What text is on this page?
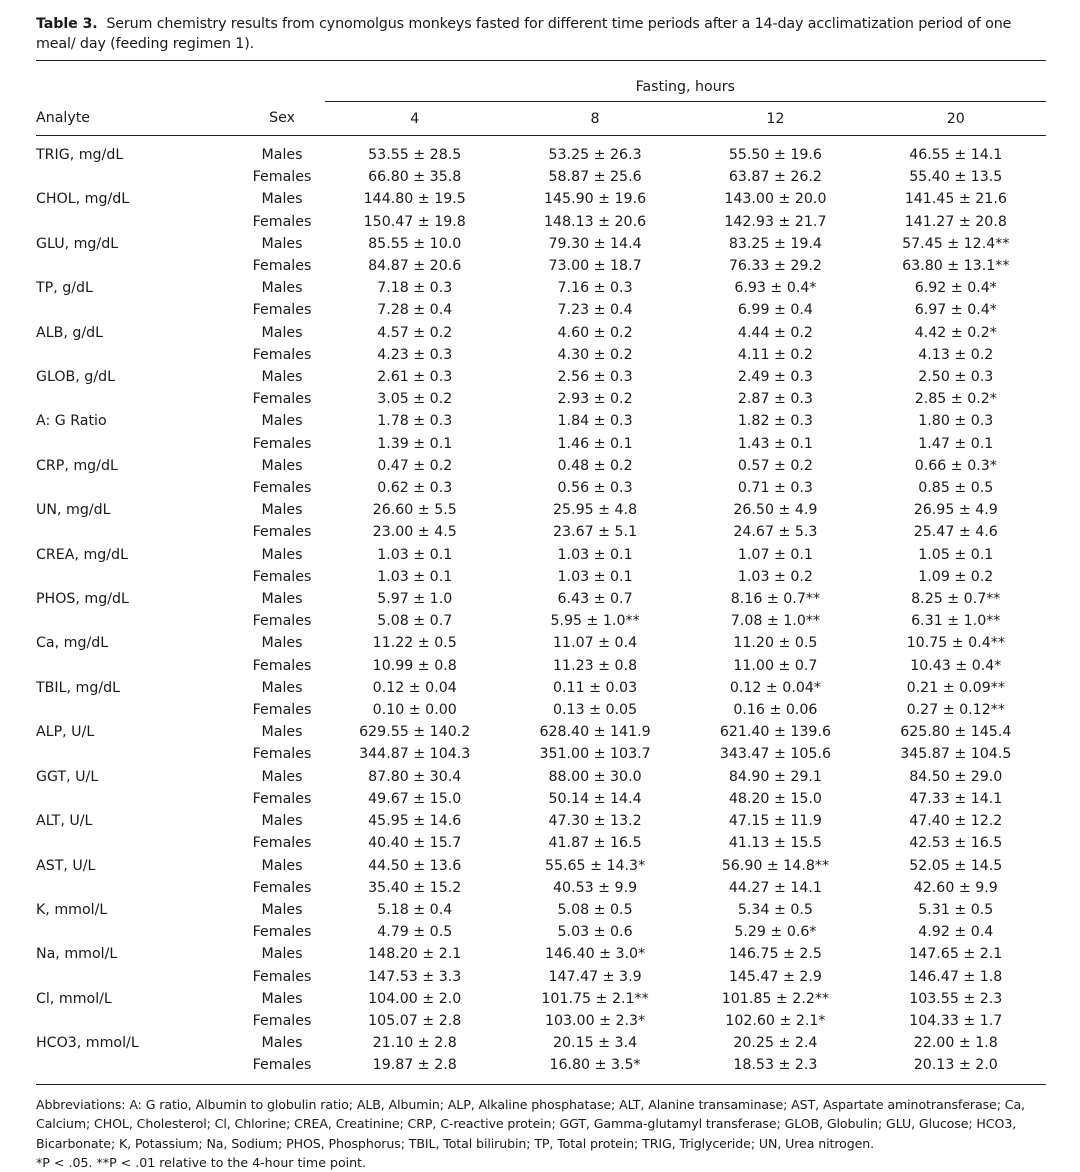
Table 3. Serum chemistry results from cynomolgus monkeys fasted for different time periods after a 14-day acclimatization period of one meal/ day (feeding regimen 1).

		Fasting, hours			
Analyte	Sex	4	8	12	20
TRIG, mg/dL	Males	53.55 ± 28.5	53.25 ± 26.3	55.50 ± 19.6	46.55 ± 14.1
	Females	66.80 ± 35.8	58.87 ± 25.6	63.87 ± 26.2	55.40 ± 13.5
CHOL, mg/dL	Males	144.80 ± 19.5	145.90 ± 19.6	143.00 ± 20.0	141.45 ± 21.6
	Females	150.47 ± 19.8	148.13 ± 20.6	142.93 ± 21.7	141.27 ± 20.8
GLU, mg/dL	Males	85.55 ± 10.0	79.30 ± 14.4	83.25 ± 19.4	57.45 ± 12.4**
	Females	84.87 ± 20.6	73.00 ± 18.7	76.33 ± 29.2	63.80 ± 13.1**
TP, g/dL	Males	7.18 ± 0.3	7.16 ± 0.3	6.93 ± 0.4*	6.92 ± 0.4*
	Females	7.28 ± 0.4	7.23 ± 0.4	6.99 ± 0.4	6.97 ± 0.4*
ALB, g/dL	Males	4.57 ± 0.2	4.60 ± 0.2	4.44 ± 0.2	4.42 ± 0.2*
	Females	4.23 ± 0.3	4.30 ± 0.2	4.11 ± 0.2	4.13 ± 0.2
GLOB, g/dL	Males	2.61 ± 0.3	2.56 ± 0.3	2.49 ± 0.3	2.50 ± 0.3
	Females	3.05 ± 0.2	2.93 ± 0.2	2.87 ± 0.3	2.85 ± 0.2*
A: G Ratio	Males	1.78 ± 0.3	1.84 ± 0.3	1.82 ± 0.3	1.80 ± 0.3
	Females	1.39 ± 0.1	1.46 ± 0.1	1.43 ± 0.1	1.47 ± 0.1
CRP, mg/dL	Males	0.47 ± 0.2	0.48 ± 0.2	0.57 ± 0.2	0.66 ± 0.3*
	Females	0.62 ± 0.3	0.56 ± 0.3	0.71 ± 0.3	0.85 ± 0.5
UN, mg/dL	Males	26.60 ± 5.5	25.95 ± 4.8	26.50 ± 4.9	26.95 ± 4.9
	Females	23.00 ± 4.5	23.67 ± 5.1	24.67 ± 5.3	25.47 ± 4.6
CREA, mg/dL	Males	1.03 ± 0.1	1.03 ± 0.1	1.07 ± 0.1	1.05 ± 0.1
	Females	1.03 ± 0.1	1.03 ± 0.1	1.03 ± 0.2	1.09 ± 0.2
PHOS, mg/dL	Males	5.97 ± 1.0	6.43 ± 0.7	8.16 ± 0.7**	8.25 ± 0.7**
	Females	5.08 ± 0.7	5.95 ± 1.0**	7.08 ± 1.0**	6.31 ± 1.0**
Ca, mg/dL	Males	11.22 ± 0.5	11.07 ± 0.4	11.20 ± 0.5	10.75 ± 0.4**
	Females	10.99 ± 0.8	11.23 ± 0.8	11.00 ± 0.7	10.43 ± 0.4*
TBIL, mg/dL	Males	0.12 ± 0.04	0.11 ± 0.03	0.12 ± 0.04*	0.21 ± 0.09**
	Females	0.10 ± 0.00	0.13 ± 0.05	0.16 ± 0.06	0.27 ± 0.12**
ALP, U/L	Males	629.55 ± 140.2	628.40 ± 141.9	621.40 ± 139.6	625.80 ± 145.4
	Females	344.87 ± 104.3	351.00 ± 103.7	343.47 ± 105.6	345.87 ± 104.5
GGT, U/L	Males	87.80 ± 30.4	88.00 ± 30.0	84.90 ± 29.1	84.50 ± 29.0
	Females	49.67 ± 15.0	50.14 ± 14.4	48.20 ± 15.0	47.33 ± 14.1
ALT, U/L	Males	45.95 ± 14.6	47.30 ± 13.2	47.15 ± 11.9	47.40 ± 12.2
	Females	40.40 ± 15.7	41.87 ± 16.5	41.13 ± 15.5	42.53 ± 16.5
AST, U/L	Males	44.50 ± 13.6	55.65 ± 14.3*	56.90 ± 14.8**	52.05 ± 14.5
	Females	35.40 ± 15.2	40.53 ± 9.9	44.27 ± 14.1	42.60 ± 9.9
K, mmol/L	Males	5.18 ± 0.4	5.08 ± 0.5	5.34 ± 0.5	5.31 ± 0.5
	Females	4.79 ± 0.5	5.03 ± 0.6	5.29 ± 0.6*	4.92 ± 0.4
Na, mmol/L	Males	148.20 ± 2.1	146.40 ± 3.0*	146.75 ± 2.5	147.65 ± 2.1
	Females	147.53 ± 3.3	147.47 ± 3.9	145.47 ± 2.9	146.47 ± 1.8
Cl, mmol/L	Males	104.00 ± 2.0	101.75 ± 2.1**	101.85 ± 2.2**	103.55 ± 2.3
	Females	105.07 ± 2.8	103.00 ± 2.3*	102.60 ± 2.1*	104.33 ± 1.7
HCO3, mmol/L	Males	21.10 ± 2.8	20.15 ± 3.4	20.25 ± 2.4	22.00 ± 1.8
	Females	19.87 ± 2.8	16.80 ± 3.5*	18.53 ± 2.3	20.13 ± 2.0

Abbreviations: A: G ratio, Albumin to globulin ratio; ALB, Albumin; ALP, Alkaline phosphatase; ALT, Alanine transaminase; AST, Aspartate aminotransferase; Ca, Calcium; CHOL, Cholesterol; Cl, Chlorine; CREA, Creatinine; CRP, C-reactive protein; GGT, Gamma-glutamyl transferase; GLOB, Globulin; GLU, Glucose; HCO3, Bicarbonate; K, Potassium; Na, Sodium; PHOS, Phosphorus; TBIL, Total bilirubin; TP, Total protein; TRIG, Triglyceride; UN, Urea nitrogen.

*P < .05. **P < .01 relative to the 4-hour time point.
